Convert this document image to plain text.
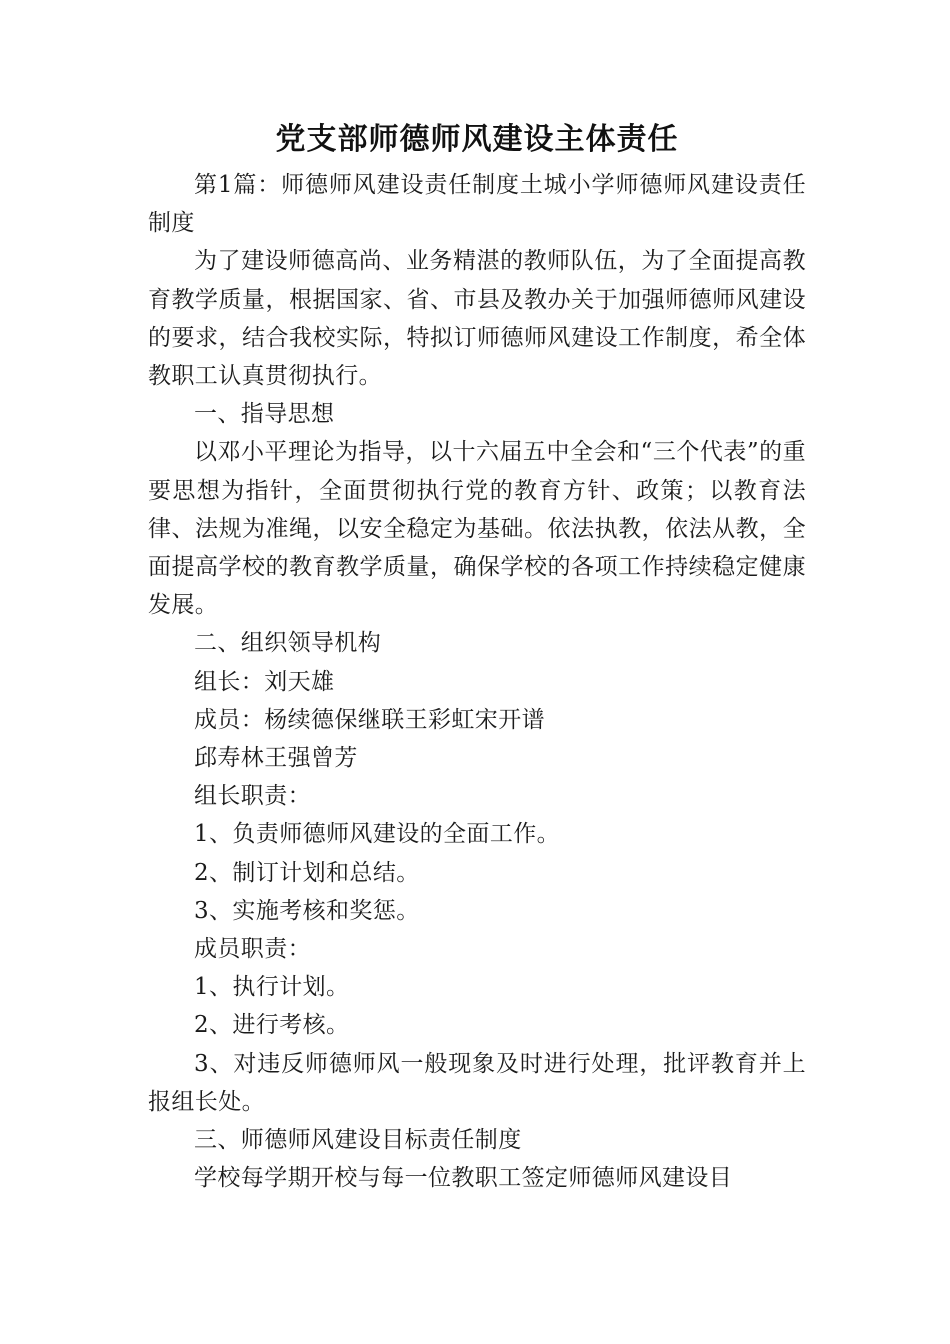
党支部师德师风建设主体责任

第1篇：师德师风建设责任制度土城小学师德师风建设责任制度

为了建设师德高尚、业务精湛的教师队伍，为了全面提高教育教学质量，根据国家、省、市县及教办关于加强师德师风建设的要求，结合我校实际，特拟订师德师风建设工作制度，希全体教职工认真贯彻执行。

一、指导思想

以邓小平理论为指导，以十六届五中全会和“三个代表”的重要思想为指针，全面贯彻执行党的教育方针、政策；以教育法律、法规为准绳，以安全稳定为基础。依法执教，依法从教，全面提高学校的教育教学质量，确保学校的各项工作持续稳定健康发展。

二、组织领导机构

组长：刘天雄

成员：杨续德保继联王彩虹宋开谱

邱寿林王强曾芳

组长职责：

1、负责师德师风建设的全面工作。

2、制订计划和总结。

3、实施考核和奖惩。

成员职责：

1、执行计划。

2、进行考核。

3、对违反师德师风一般现象及时进行处理，批评教育并上报组长处。

三、师德师风建设目标责任制度

学校每学期开校与每一位教职工签定师德师风建设目
